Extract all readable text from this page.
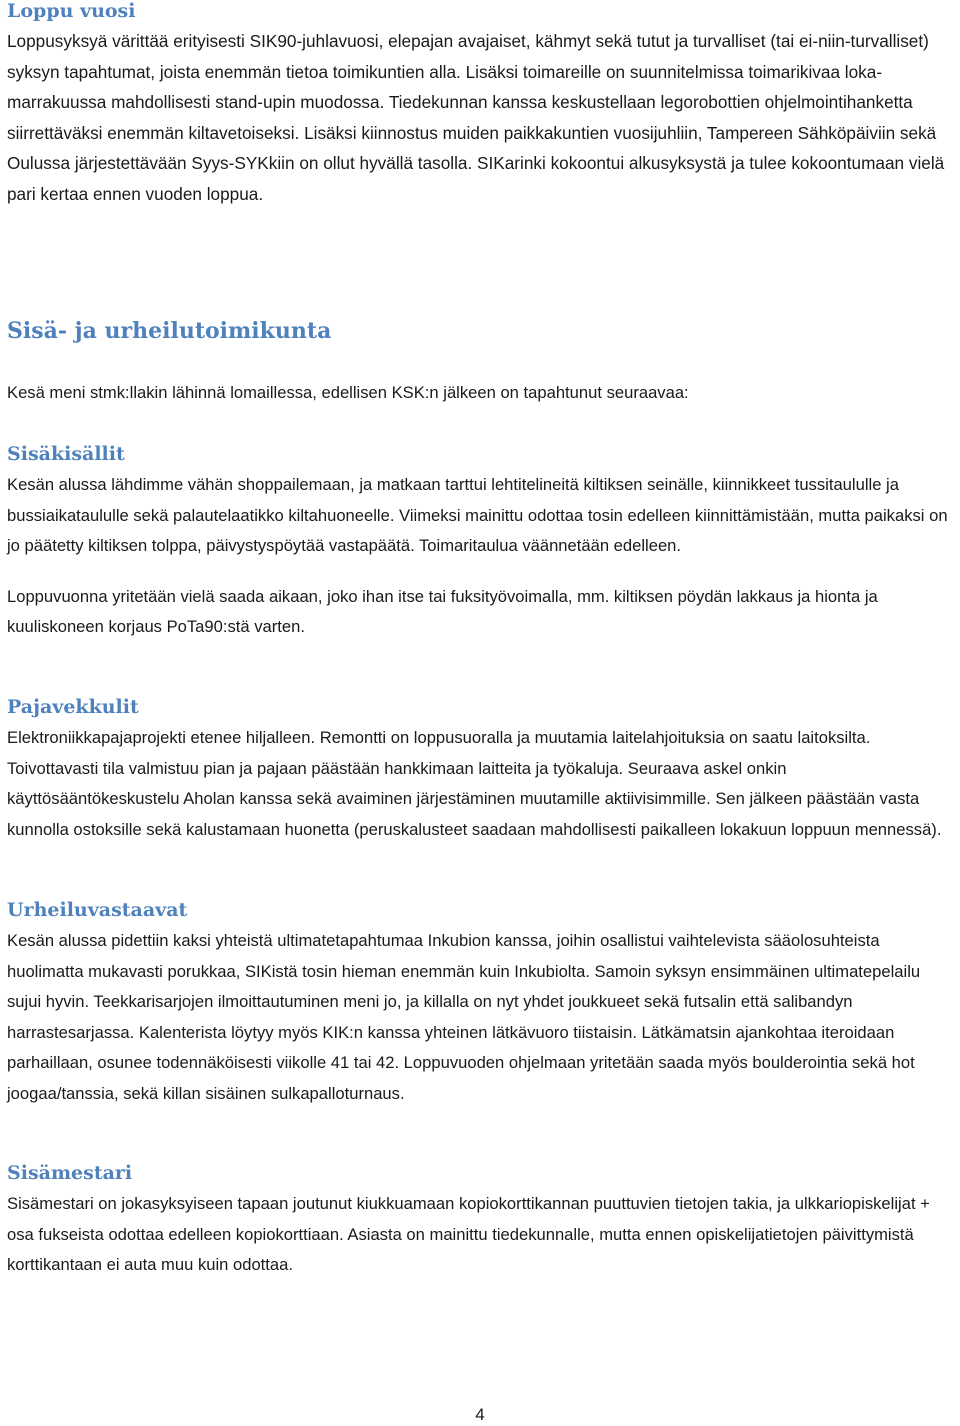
Loppu vuosi

Loppusyksyä värittää erityisesti SIK90-juhlavuosi, elepajan avajaiset, kähmyt sekä tutut ja turvalliset (tai ei-niin-turvalliset) syksyn tapahtumat, joista enemmän tietoa toimikuntien alla. Lisäksi toimareille on suunnitelmissa toimarikivaa loka-marrakuussa mahdollisesti stand-upin muodossa. Tiedekunnan kanssa keskustellaan legorobottien ohjelmointihanketta siirrettäväksi enemmän kiltavetoiseksi. Lisäksi kiinnostus muiden paikkakuntien vuosijuhliin, Tampereen Sähköpäiviin sekä Oulussa järjestettävään Syys-SYKkiin on ollut hyvällä tasolla. SIKarinki kokoontui alkusyksystä ja tulee kokoontumaan vielä pari kertaa ennen vuoden loppua.

Sisä- ja urheilutoimikunta

Kesä meni stmk:llakin lähinnä lomaillessa, edellisen KSK:n jälkeen on tapahtunut seuraavaa:

Sisäkisällit

Kesän alussa lähdimme vähän shoppailemaan, ja matkaan tarttui lehtitelineitä kiltiksen seinälle, kiinnikkeet tussitaululle ja bussiaikataululle sekä palautelaatikko kiltahuoneelle. Viimeksi mainittu odottaa tosin edelleen kiinnittämistään, mutta paikaksi on jo päätetty kiltiksen tolppa, päivystyspöytää vastapäätä. Toimaritaulua väännetään edelleen.

Loppuvuonna yritetään vielä saada aikaan, joko ihan itse tai fuksityövoimalla, mm. kiltiksen pöydän lakkaus ja hionta ja kuuliskoneen korjaus PoTa90:stä varten.

Pajavekkulit

Elektroniikkapajaprojekti etenee hiljalleen. Remontti on loppusuoralla ja muutamia laitelahjoituksia on saatu laitoksilta. Toivottavasti tila valmistuu pian ja pajaan päästään hankkimaan laitteita ja työkaluja. Seuraava askel onkin käyttösääntökeskustelu Aholan kanssa sekä avaiminen järjestäminen muutamille aktiivisimmille. Sen jälkeen päästään vasta kunnolla ostoksille sekä kalustamaan huonetta (peruskalusteet saadaan mahdollisesti paikalleen lokakuun loppuun mennessä).

Urheiluvastaavat

Kesän alussa pidettiin kaksi yhteistä ultimatetapahtumaa Inkubion kanssa, joihin osallistui vaihtelevista sääolosuhteista huolimatta mukavasti porukkaa, SIKistä tosin hieman enemmän kuin Inkubiolta. Samoin syksyn ensimmäinen ultimatepelailu sujui hyvin. Teekkarisarjojen ilmoittautuminen meni jo, ja killalla on nyt yhdet joukkueet sekä futsalin että salibandyn harrastesarjassa. Kalenterista löytyy myös KIK:n kanssa yhteinen lätkävuoro tiistaisin. Lätkämatsin ajankohtaa iteroidaan parhaillaan, osunee todennäköisesti viikolle 41 tai 42. Loppuvuoden ohjelmaan yritetään saada myös boulderointia sekä hot joogaa/tanssia, sekä killan sisäinen sulkapalloturnaus.

Sisämestari

Sisämestari on jokasyksyiseen tapaan joutunut kiukkuamaan kopiokorttikannan puuttuvien tietojen takia, ja ulkkariopiskelijat + osa fukseista odottaa edelleen kopiokorttiaan. Asiasta on mainittu tiedekunnalle, mutta ennen opiskelijatietojen päivittymistä korttikantaan ei auta muu kuin odottaa.

4
